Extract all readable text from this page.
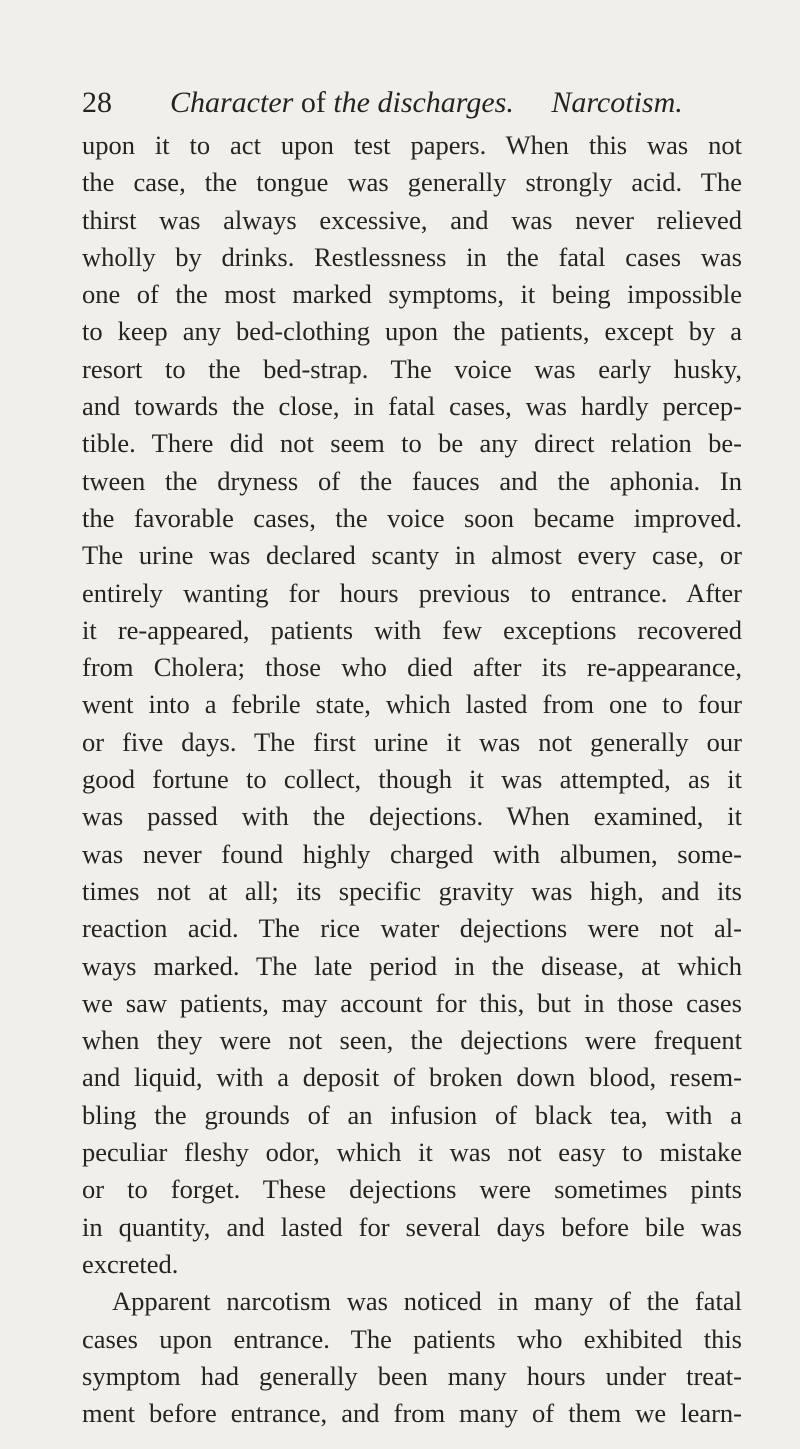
28 Character of the discharges. Narcotism.
upon it to act upon test papers. When this was not
the case, the tongue was generally strongly acid. The
thirst was always excessive, and was never relieved
wholly by drinks. Restlessness in the fatal cases was
one of the most marked symptoms, it being impossible
to keep any bed-clothing upon the patients, except by a
resort to the bed-strap. The voice was early husky,
and towards the close, in fatal cases, was hardly percep-
tible. There did not seem to be any direct relation be-
tween the dryness of the fauces and the aphonia. In
the favorable cases, the voice soon became improved.
The urine was declared scanty in almost every case, or
entirely wanting for hours previous to entrance. After
it re-appeared, patients with few exceptions recovered
from Cholera; those who died after its re-appearance,
went into a febrile state, which lasted from one to four
or five days. The first urine it was not generally our
good fortune to collect, though it was attempted, as it
was passed with the dejections. When examined, it
was never found highly charged with albumen, some-
times not at all; its specific gravity was high, and its
reaction acid. The rice water dejections were not al-
ways marked. The late period in the disease, at which
we saw patients, may account for this, but in those cases
when they were not seen, the dejections were frequent
and liquid, with a deposit of broken down blood, resem-
bling the grounds of an infusion of black tea, with a
peculiar fleshy odor, which it was not easy to mistake
or to forget. These dejections were sometimes pints
in quantity, and lasted for several days before bile was
excreted.
Apparent narcotism was noticed in many of the fatal
cases upon entrance. The patients who exhibited this
symptom had generally been many hours under treat-
ment before entrance, and from many of them we learn-
